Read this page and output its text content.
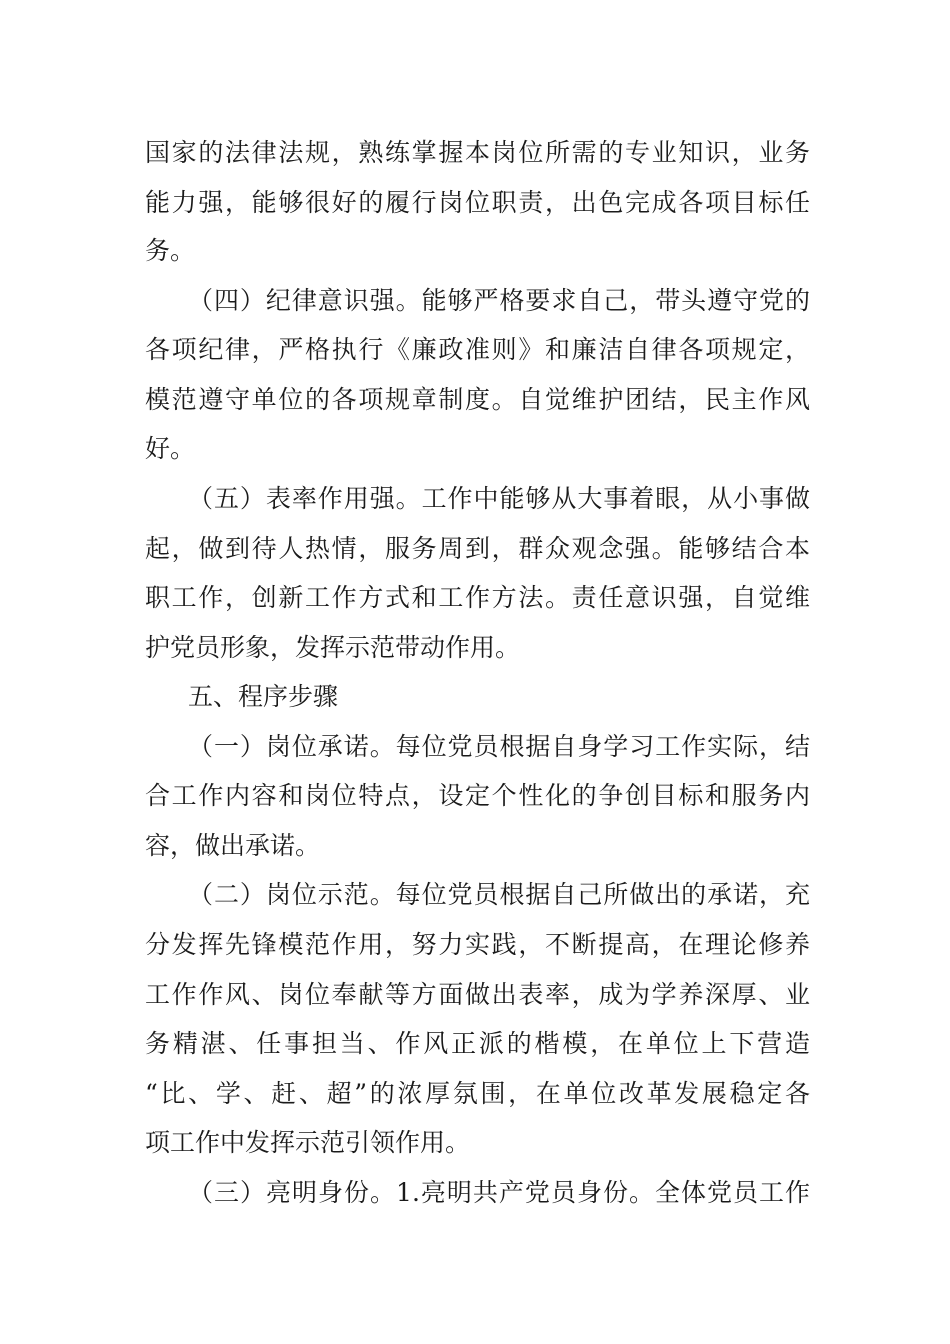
国家的法律法规，熟练掌握本岗位所需的专业知识，业务
能力强，能够很好的履行岗位职责，出色完成各项目标任
务。
（四）纪律意识强。能够严格要求自己，带头遵守党的
各项纪律，严格执行《廉政准则》和廉洁自律各项规定，
模范遵守单位的各项规章制度。自觉维护团结，民主作风
好。
（五）表率作用强。工作中能够从大事着眼，从小事做
起，做到待人热情，服务周到，群众观念强。能够结合本
职工作，创新工作方式和工作方法。责任意识强，自觉维
护党员形象，发挥示范带动作用。
五、程序步骤
（一）岗位承诺。每位党员根据自身学习工作实际，结
合工作内容和岗位特点，设定个性化的争创目标和服务内
容，做出承诺。
（二）岗位示范。每位党员根据自己所做出的承诺，充
分发挥先锋模范作用，努力实践，不断提高，在理论修养
工作作风、岗位奉献等方面做出表率，成为学养深厚、业
务精湛、任事担当、作风正派的楷模，在单位上下营造
“比、学、赶、超”的浓厚氛围，在单位改革发展稳定各
项工作中发挥示范引领作用。
（三）亮明身份。1.亮明共产党员身份。全体党员工作
